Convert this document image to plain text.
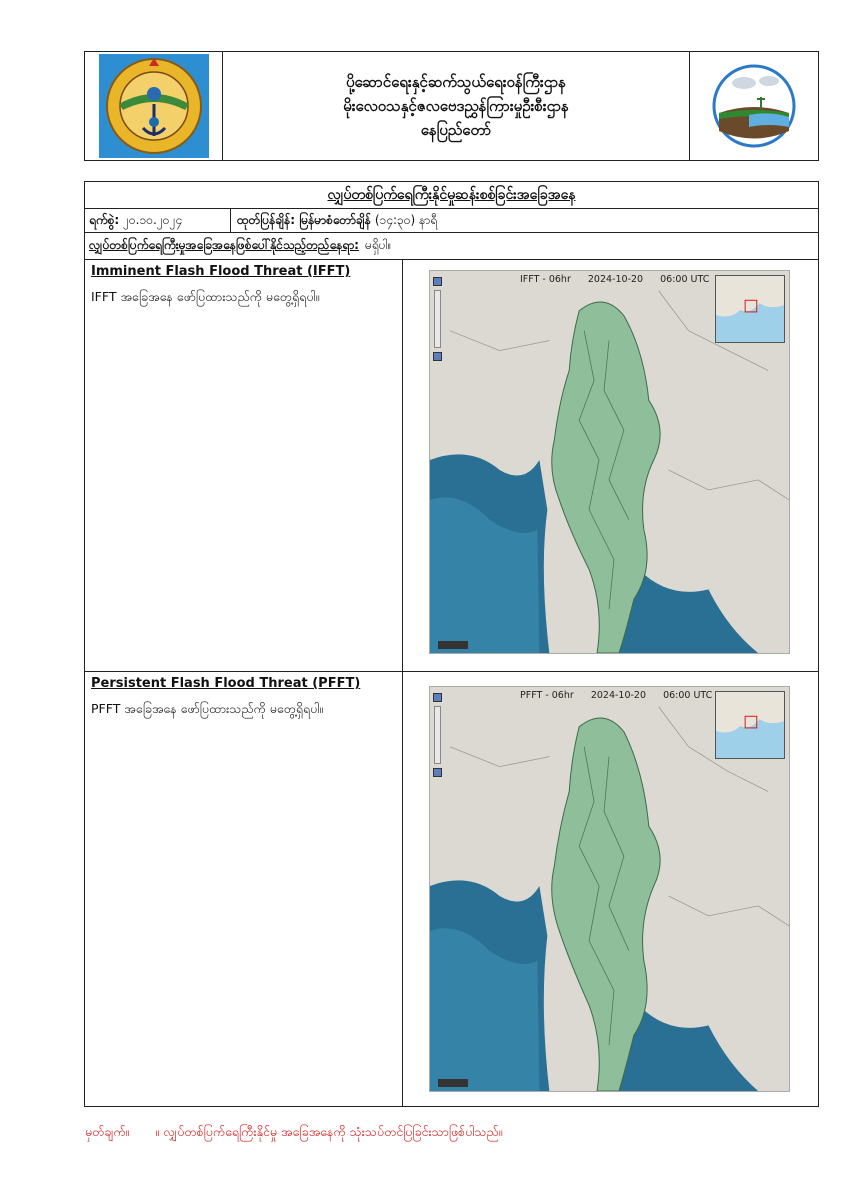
ပို့ဆောင်ရေးနှင့်ဆက်သွယ်ရေးဝန်ကြီးဌာန
မိုးလေဝသနှင့်ဇလဗေဒညွှန်ကြားမှုဦးစီးဌာန
နေပြည်တော်
လျှပ်တစ်ပြက်ရေကြီးနိုင်မှုဆန်းစစ်ခြင်းအခြေအနေ
ရက်စွဲ:
၂၀.၁၀.၂၀၂၄	ထုတ်ပြန်ချိန်: မြန်မာစံတော်ချိန် (၁၄:၃၀) နာရီ
လျှပ်တစ်ပြက်ရေကြီးမှုအခြေအနေဖြစ်ပေါ်နိုင်သည့်တည်နေရာ: မရှိပါ။
Imminent Flash Flood Threat (IFFT)
IFFT အခြေအနေ ဖော်ပြထားသည်ကို မတွေ့ရှိရပါ။
IFFT - 06hr 2024-10-20 06:00 UTC
Persistent Flash Flood Threat (PFFT)
PFFT အခြေအနေ ဖော်ပြထားသည်ကို မတွေ့ရှိရပါ။
PFFT - 06hr 2024-10-20 06:00 UTC
မှတ်ချက်။ ။ လျှပ်တစ်ပြက်ရေကြီးနိုင်မှု အခြေအနေကို သုံးသပ်တင်ပြခြင်းသာဖြစ်ပါသည်။
